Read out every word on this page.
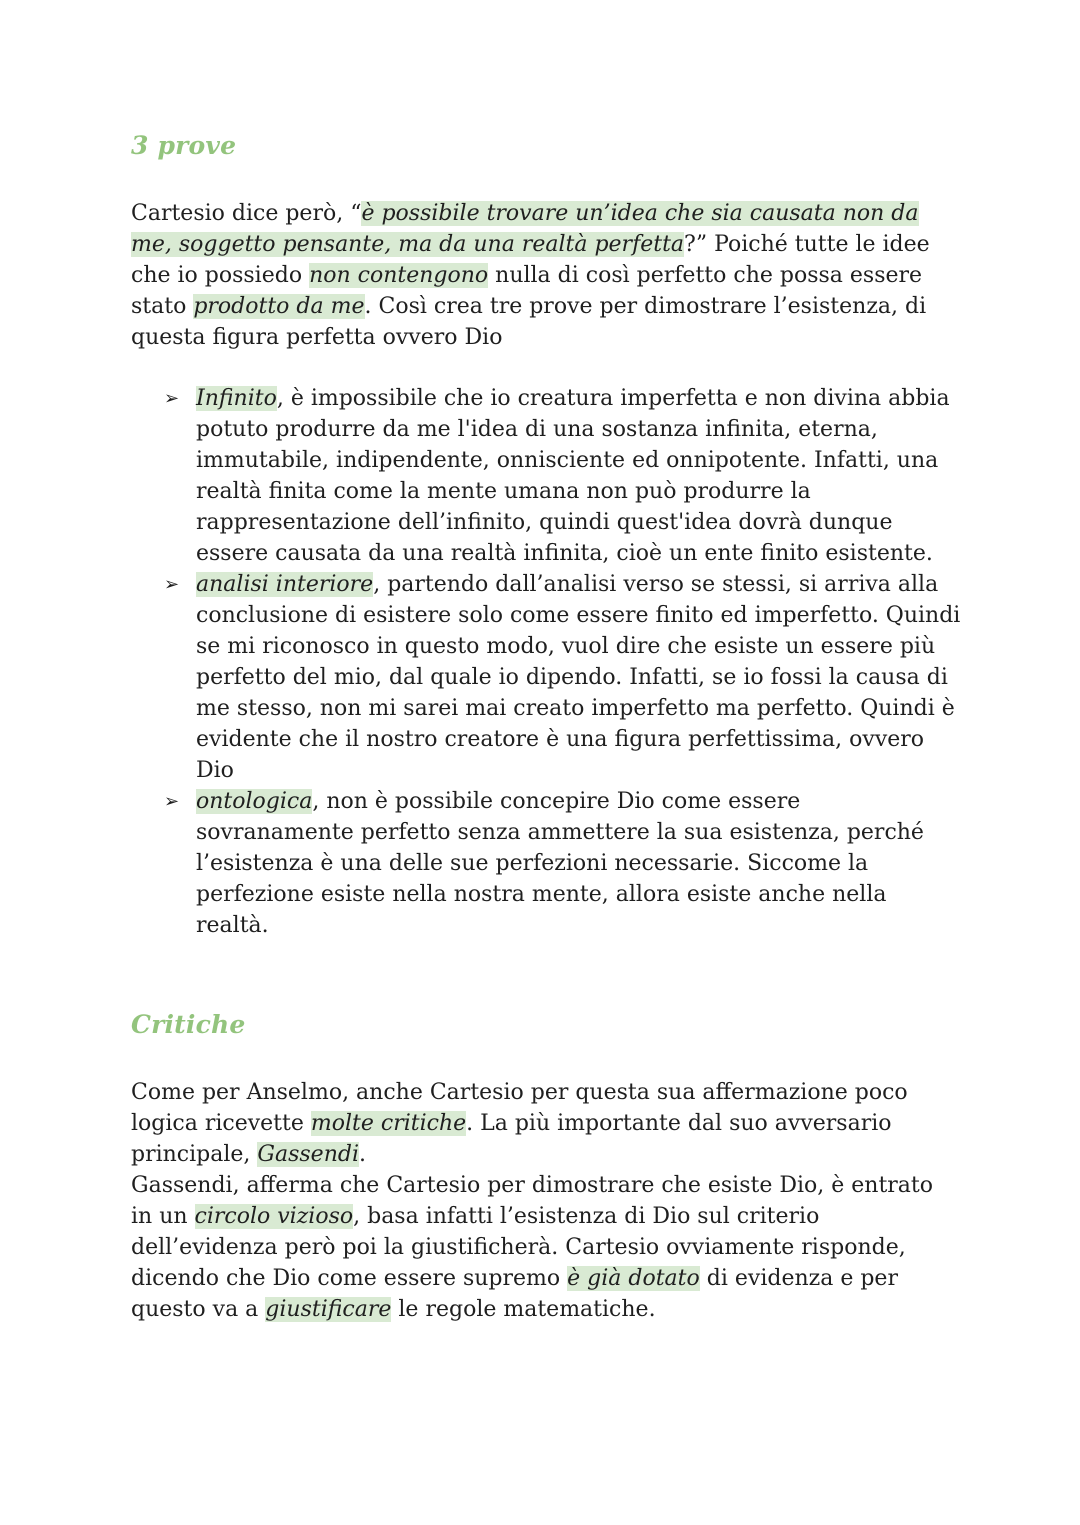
3 prove

Cartesio dice però, “è possibile trovare un’idea che sia causata non da me, soggetto pensante, ma da una realtà perfetta?” Poiché tutte le idee che io possiedo non contengono nulla di così perfetto che possa essere stato prodotto da me. Così crea tre prove per dimostrare l’esistenza, di questa figura perfetta ovvero Dio

➢ Infinito, è impossibile che io creatura imperfetta e non divina abbia potuto produrre da me l'idea di una sostanza infinita, eterna, immutabile, indipendente, onnisciente ed onnipotente. Infatti, una realtà finita come la mente umana non può produrre la rappresentazione dell’infinito, quindi quest'idea dovrà dunque essere causata da una realtà infinita, cioè un ente finito esistente.
➢ analisi interiore, partendo dall’analisi verso se stessi, si arriva alla conclusione di esistere solo come essere finito ed imperfetto. Quindi se mi riconosco in questo modo, vuol dire che esiste un essere più perfetto del mio, dal quale io dipendo. Infatti, se io fossi la causa di me stesso, non mi sarei mai creato imperfetto ma perfetto. Quindi è evidente che il nostro creatore è una figura perfettissima, ovvero Dio
➢ ontologica, non è possibile concepire Dio come essere sovranamente perfetto senza ammettere la sua esistenza, perché l’esistenza è una delle sue perfezioni necessarie. Siccome la perfezione esiste nella nostra mente, allora esiste anche nella realtà.
Critiche

Come per Anselmo, anche Cartesio per questa sua affermazione poco logica ricevette molte critiche. La più importante dal suo avversario principale, Gassendi.

Gassendi, afferma che Cartesio per dimostrare che esiste Dio, è entrato in un circolo vizioso, basa infatti l’esistenza di Dio sul criterio dell’evidenza però poi la giustificherà. Cartesio ovviamente risponde, dicendo che Dio come essere supremo è già dotato di evidenza e per questo va a giustificare le regole matematiche.
